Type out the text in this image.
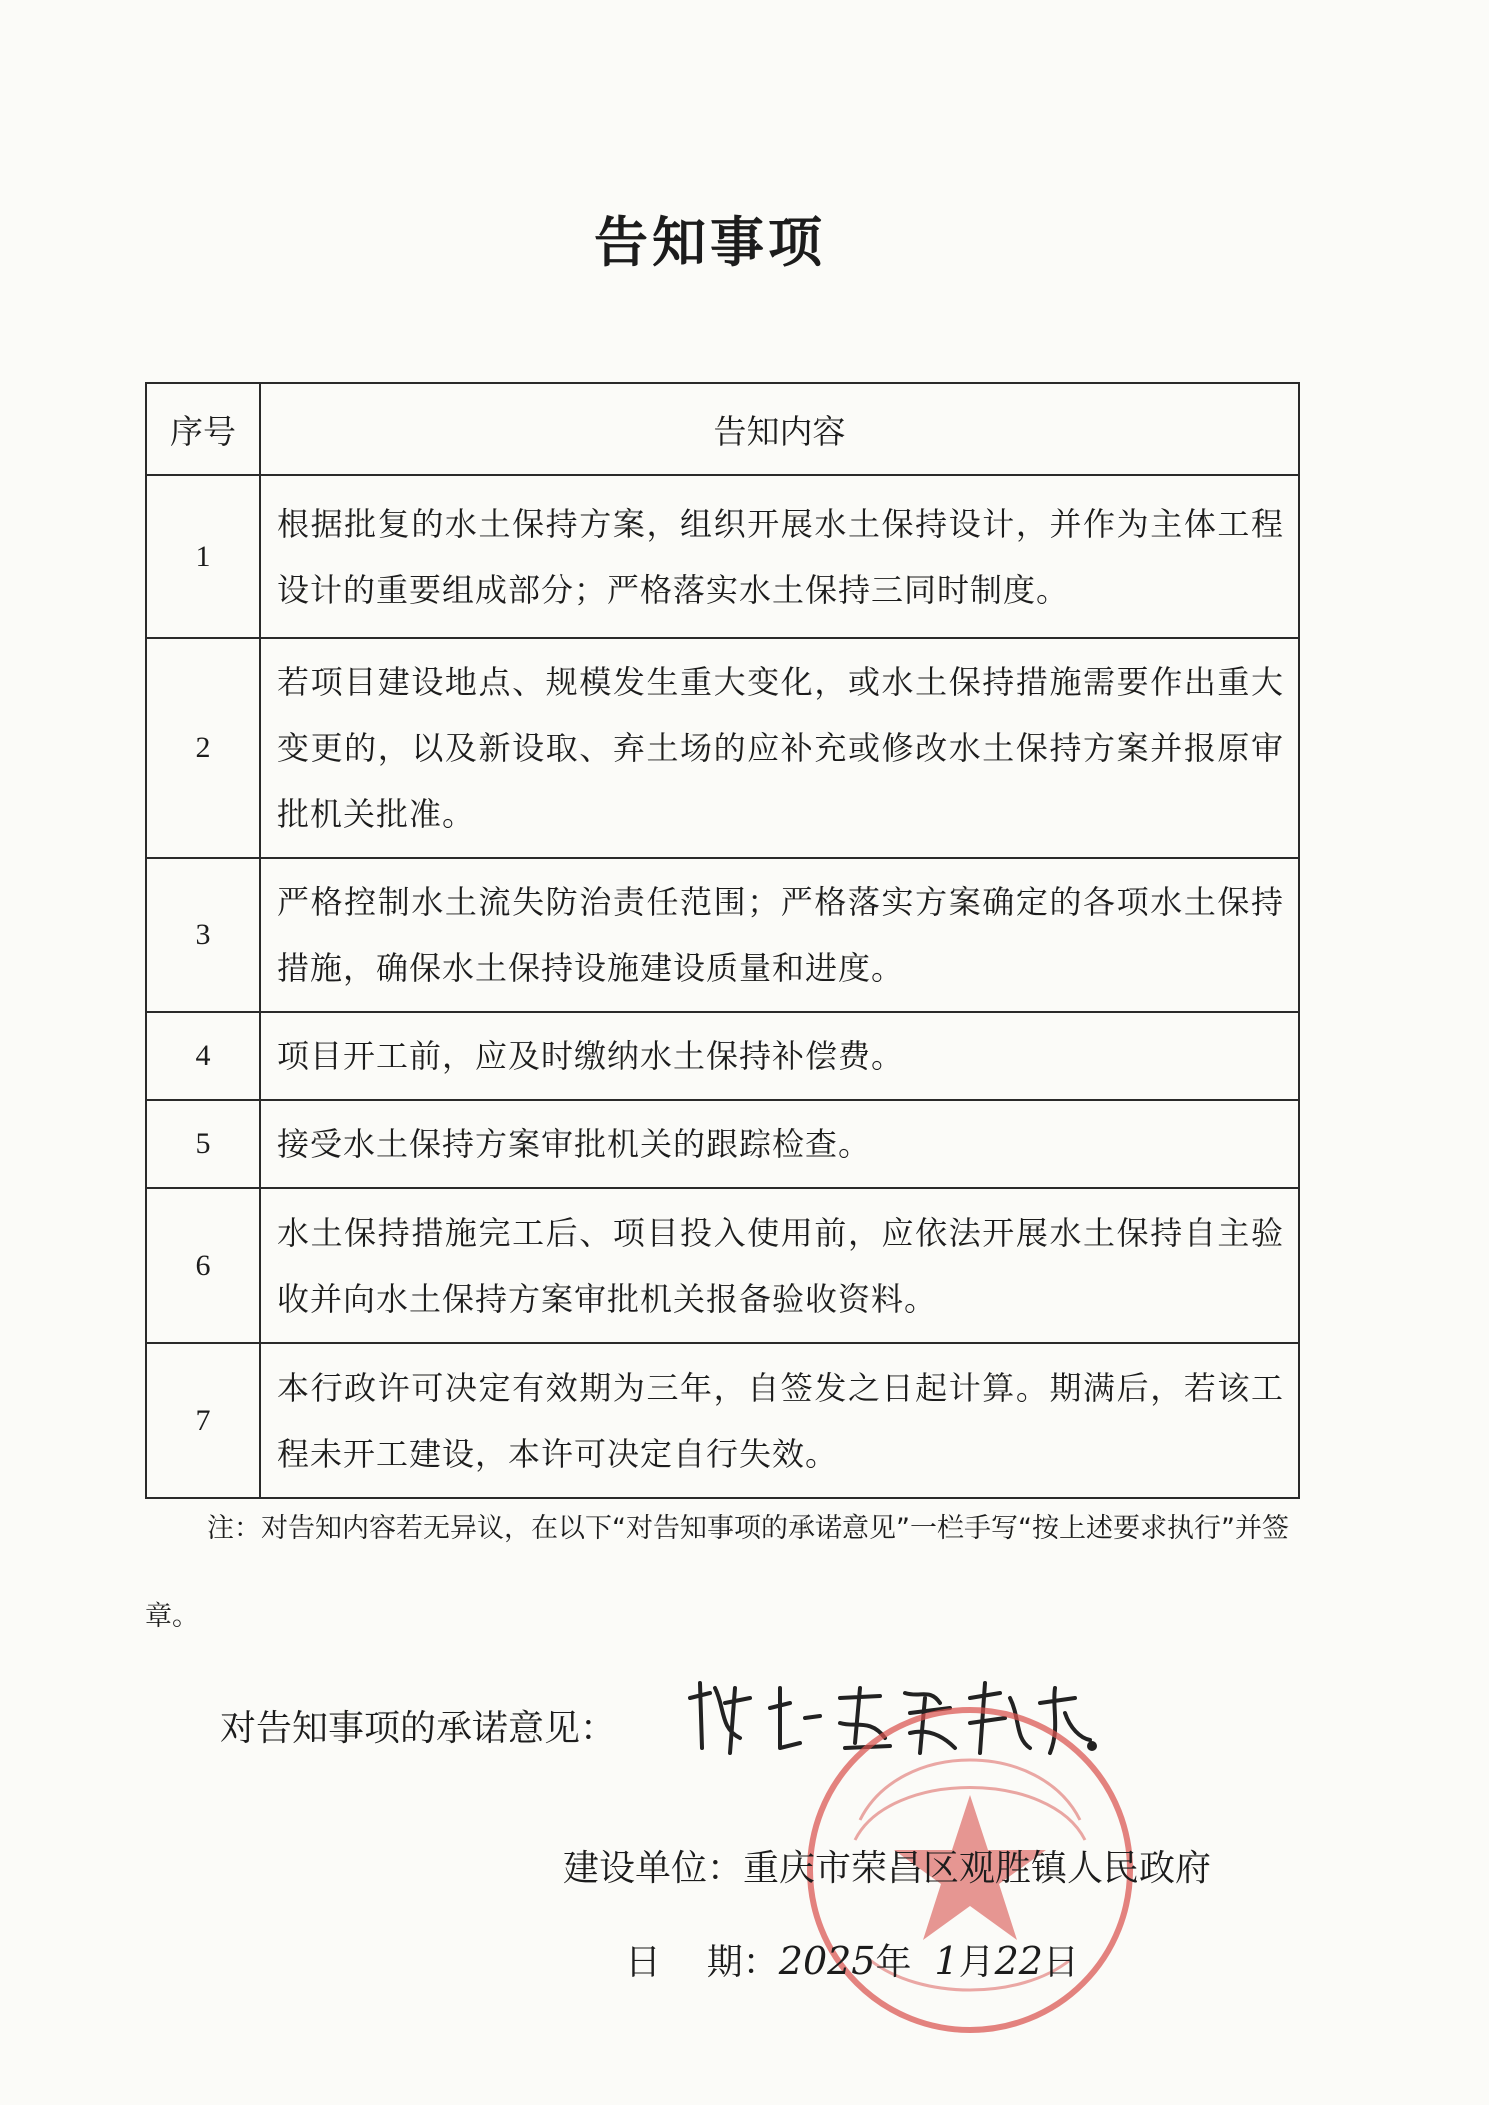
告知事项
序号	告知内容
1	根据批复的水土保持方案，组织开展水土保持设计，并作为主体工程设计的重要组成部分；严格落实水土保持三同时制度。
2	若项目建设地点、规模发生重大变化，或水土保持措施需要作出重大变更的，以及新设取、弃土场的应补充或修改水土保持方案并报原审批机关批准。
3	严格控制水土流失防治责任范围；严格落实方案确定的各项水土保持措施，确保水土保持设施建设质量和进度。
4	项目开工前，应及时缴纳水土保持补偿费。
5	接受水土保持方案审批机关的跟踪检查。
6	水土保持措施完工后、项目投入使用前，应依法开展水土保持自主验收并向水土保持方案审批机关报备验收资料。
7	本行政许可决定有效期为三年，自签发之日起计算。期满后，若该工程未开工建设，本许可决定自行失效。
注：对告知内容若无异议，在以下“对告知事项的承诺意见”一栏手写“按上述要求执行”并签章。
对告知事项的承诺意见：
建设单位：重庆市荣昌区观胜镇人民政府
日    期：2025年 1月22日
